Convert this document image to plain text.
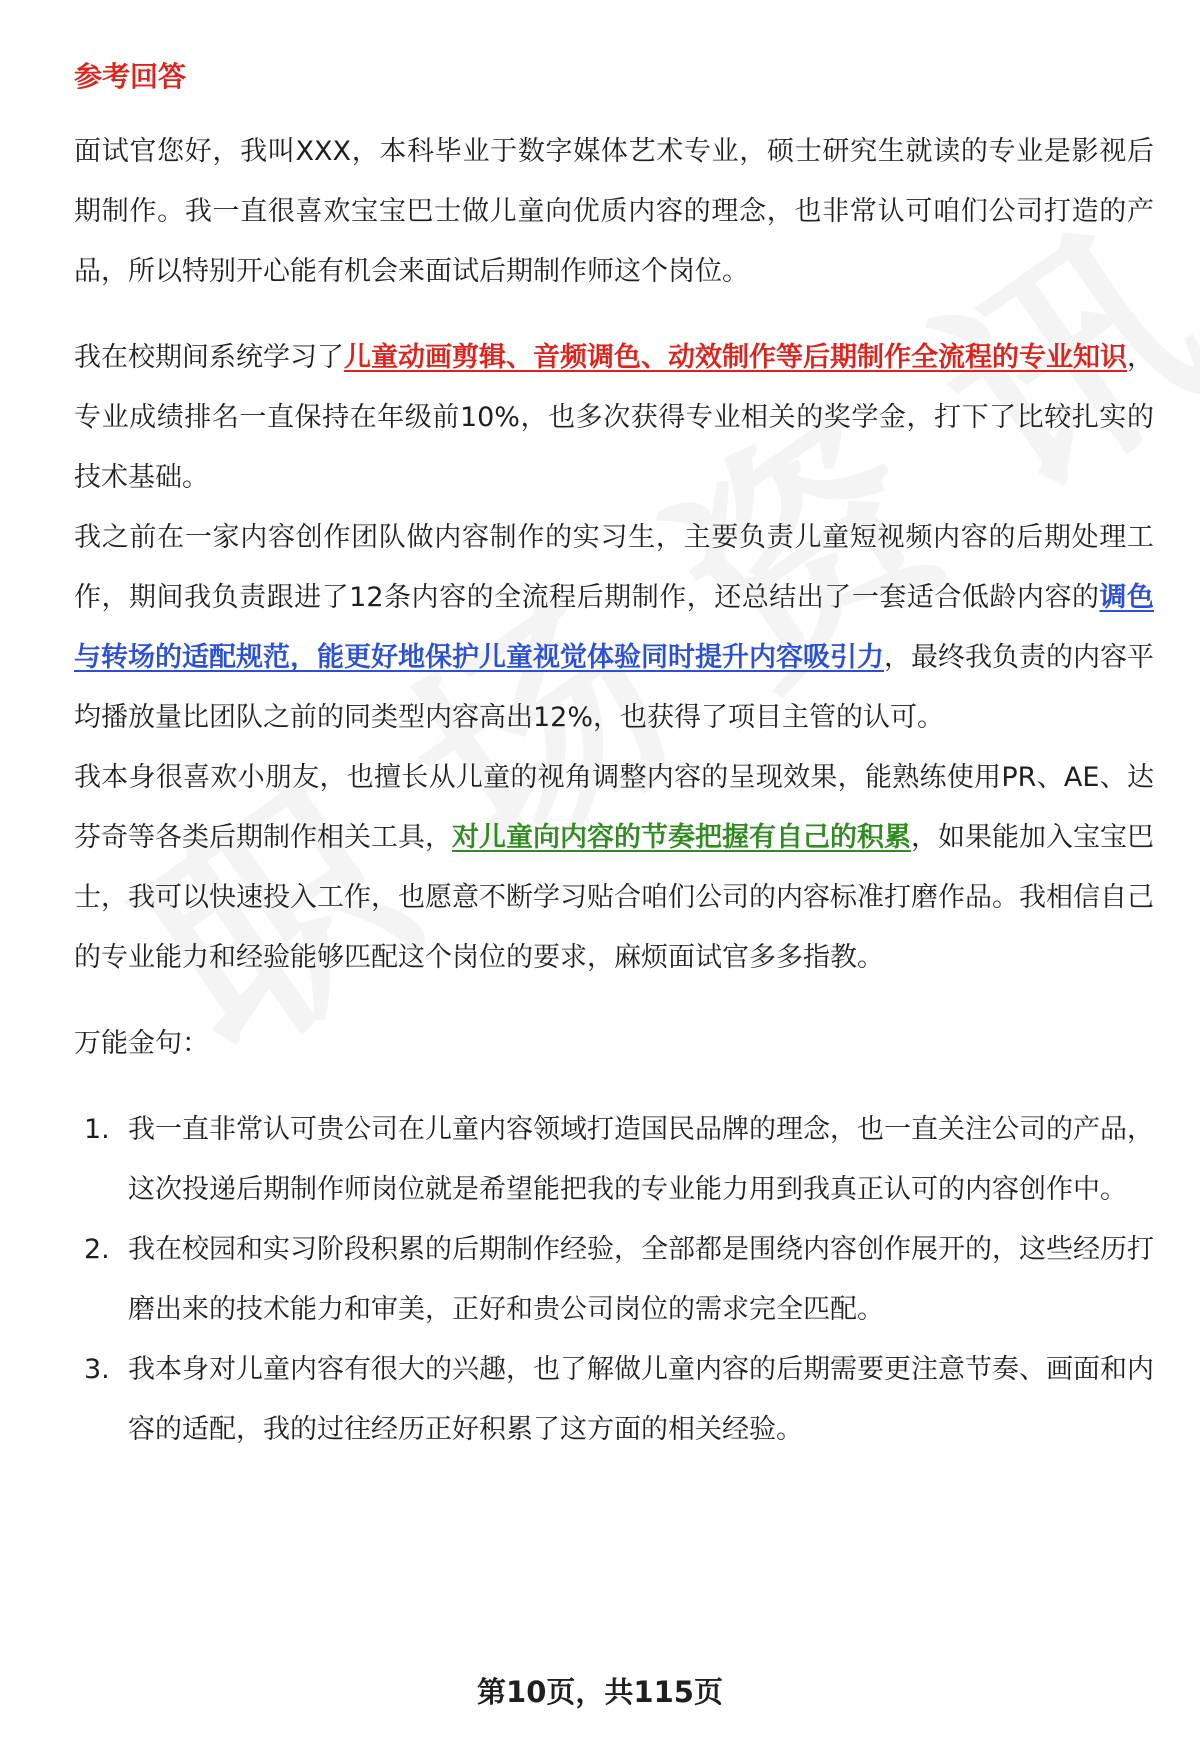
参考回答

面试官您好，我叫XXX，本科毕业于数字媒体艺术专业，硕士研究生就读的专业是影视后期制作。我一直很喜欢宝宝巴士做儿童向优质内容的理念，也非常认可咱们公司打造的产品，所以特别开心能有机会来面试后期制作师这个岗位。

我在校期间系统学习了儿童动画剪辑、音频调色、动效制作等后期制作全流程的专业知识，专业成绩排名一直保持在年级前10%，也多次获得专业相关的奖学金，打下了比较扎实的技术基础。

我之前在一家内容创作团队做内容制作的实习生，主要负责儿童短视频内容的后期处理工作，期间我负责跟进了12条内容的全流程后期制作，还总结出了一套适合低龄内容的调色与转场的适配规范，能更好地保护儿童视觉体验同时提升内容吸引力，最终我负责的内容平均播放量比团队之前的同类型内容高出12%，也获得了项目主管的认可。

我本身很喜欢小朋友，也擅长从儿童的视角调整内容的呈现效果，能熟练使用PR、AE、达芬奇等各类后期制作相关工具，对儿童向内容的节奏把握有自己的积累，如果能加入宝宝巴士，我可以快速投入工作，也愿意不断学习贴合咱们公司的内容标准打磨作品。我相信自己的专业能力和经验能够匹配这个岗位的要求，麻烦面试官多多指教。

万能金句：

1. 我一直非常认可贵公司在儿童内容领域打造国民品牌的理念，也一直关注公司的产品，这次投递后期制作师岗位就是希望能把我的专业能力用到我真正认可的内容创作中。
2. 我在校园和实习阶段积累的后期制作经验，全部都是围绕内容创作展开的，这些经历打磨出来的技术能力和审美，正好和贵公司岗位的需求完全匹配。
3. 我本身对儿童内容有很大的兴趣，也了解做儿童内容的后期需要更注意节奏、画面和内容的适配，我的过往经历正好积累了这方面的相关经验。
第10页，共115页
